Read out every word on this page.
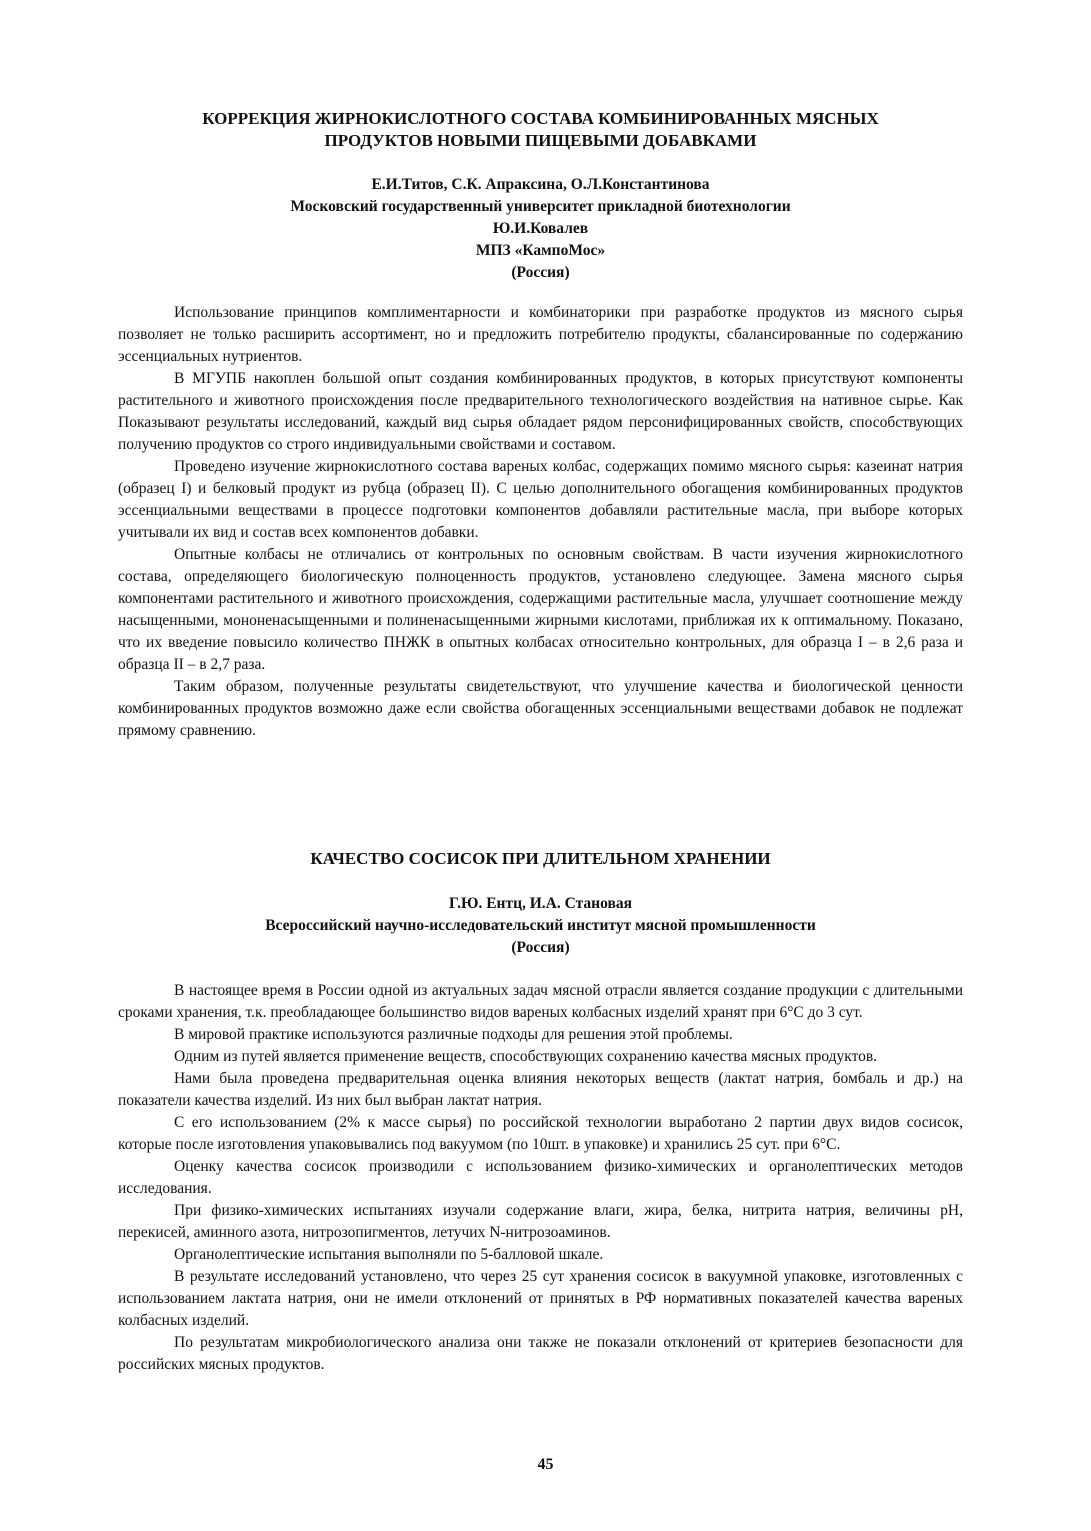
КОРРЕКЦИЯ ЖИРНОКИСЛОТНОГО СОСТАВА КОМБИНИРОВАННЫХ МЯСНЫХ

ПРОДУКТОВ НОВЫМИ ПИЩЕВЫМИ ДОБАВКАМИ

Е.И.Титов, С.К. Апраксина, О.Л.Константинова

Московский государственный университет прикладной биотехнологии

Ю.И.Ковалев

МПЗ «КампоМос»

(Россия)

Использование принципов комплиментарности и комбинаторики при разработке продуктов из мясного сырья позволяет не только расширить ассортимент, но и предложить потребителю продукты, сбалансированные по содержанию эссенциальных нутриентов.

В МГУПБ накоплен большой опыт создания комбинированных продуктов, в которых присутствуют компоненты растительного и животного происхождения после предварительного технологического воздействия на нативное сырье. Как Показывают результаты исследований, каждый вид сырья обладает рядом персонифицированных свойств, способствующих получению продуктов со строго индивидуальными свойствами и составом.

Проведено изучение жирнокислотного состава вареных колбас, содержащих помимо мясного сырья: казеинат натрия (образец I) и белковый продукт из рубца (образец II). С целью дополнительного обогащения комбинированных продуктов эссенциальными веществами в процессе подготовки компонентов добавляли растительные масла, при выборе которых учитывали их вид и состав всех компонентов добавки.

Опытные колбасы не отличались от контрольных по основным свойствам. В части изучения жирнокислотного состава, определяющего биологическую полноценность продуктов, установлено следующее. Замена мясного сырья компонентами растительного и животного происхождения, содержащими растительные масла, улучшает соотношение между насыщенными, мононенасыщенными и полиненасыщенными жирными кислотами, приближая их к оптимальному. Показано, что их введение повысило количество ПНЖК в опытных колбасах относительно контрольных, для образца I – в 2,6 раза и образца II – в 2,7 раза.

Таким образом, полученные результаты свидетельствуют, что улучшение качества и биологической ценности комбинированных продуктов возможно даже если свойства обогащенных эссенциальными веществами добавок не подлежат прямому сравнению.

КАЧЕСТВО СОСИСОК ПРИ ДЛИТЕЛЬНОМ ХРАНЕНИИ

Г.Ю. Ентц, И.А. Становая

Всероссийский научно-исследовательский институт мясной промышленности

(Россия)

В настоящее время в России одной из актуальных задач мясной отрасли является создание продукции с длительными сроками хранения, т.к. преобладающее большинство видов вареных колбасных изделий хранят при 6°С до 3 сут.

В мировой практике используются различные подходы для решения этой проблемы.

Одним из путей является применение веществ, способствующих сохранению качества мясных продуктов.

Нами была проведена предварительная оценка влияния некоторых веществ (лактат натрия, бомбаль и др.) на показатели качества изделий. Из них был выбран лактат натрия.

С его использованием (2% к массе сырья) по российской технологии выработано 2 партии двух видов сосисок, которые после изготовления упаковывались под вакуумом (по 10шт. в упаковке) и хранились 25 сут. при 6°С.

Оценку качества сосисок производили с использованием физико-химических и органолептических методов исследования.

При физико-химических испытаниях изучали содержание влаги, жира, белка, нитрита натрия, величины рН, перекисей, аминного азота, нитрозопигментов, летучих N-нитрозоаминов.

Органолептические испытания выполняли по 5-балловой шкале.

В результате исследований установлено, что через 25 сут хранения сосисок в вакуумной упаковке, изготовленных с использованием лактата натрия, они не имели отклонений от принятых в РФ нормативных показателей качества вареных колбасных изделий.

По результатам микробиологического анализа они также не показали отклонений от критериев безопасности для российских мясных продуктов.

45
